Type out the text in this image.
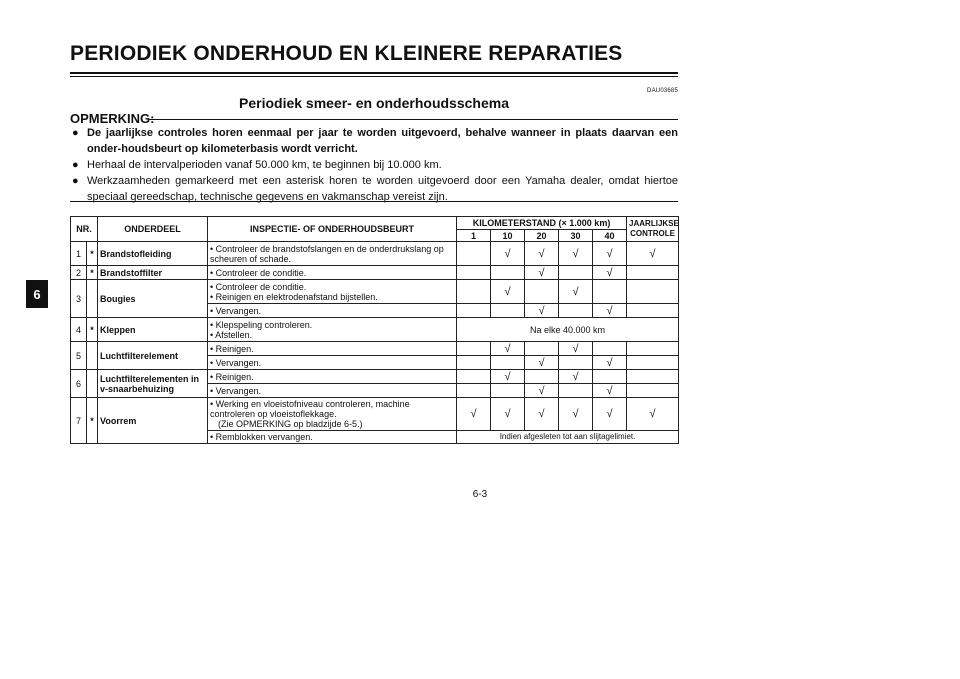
PERIODIEK ONDERHOUD EN KLEINERE REPARATIES
DAU03685
Periodiek smeer- en onderhoudsschema
OPMERKING:
● De jaarlijkse controles horen eenmaal per jaar te worden uitgevoerd, behalve wanneer in plaats daarvan een onder-houdsbeurt op kilometerbasis wordt verricht.
● Herhaal de intervalperioden vanaf 50.000 km, te beginnen bij 10.000 km.
● Werkzaamheden gemarkeerd met een asterisk horen te worden uitgevoerd door een Yamaha dealer, omdat hiertoe speciaal gereedschap, technische gegevens en vakmanschap vereist zijn.
6
NR.		ONDERDEEL	INSPECTIE- OF ONDERHOUDSBEURT	KILOMETERSTAND (× 1.000 km)					JAARLIJKSE CONTROLE
				1	10	20	30	40	
1	*	Brandstofleiding	• Controleer de brandstofslangen en de onderdrukslang op scheuren of schade.		√	√	√	√	√
2	*	Brandstoffilter	• Controleer de conditie.			√		√	
3		Bougies	• Controleer de conditie.
• Reinigen en elektrodenafstand bijstellen.		√		√		
			• Vervangen.			√		√	
4	*	Kleppen	• Klepspeling controleren.
• Afstellen.	Na elke 40.000 km					
5		Luchtfilterelement	• Reinigen.		√		√		
			• Vervangen.			√		√	
6		Luchtfilterelementen in v-snaarbehuizing	• Reinigen.		√		√		
			• Vervangen.			√		√	
7	*	Voorrem	• Werking en vloeistofniveau controleren, machine controleren op vloeistoflekkage.
(Zie OPMERKING op bladzijde 6-5.)	√	√	√	√	√	√
			• Remblokken vervangen.	Indien afgesleten tot aan slijtagelimiet.					
6-3
